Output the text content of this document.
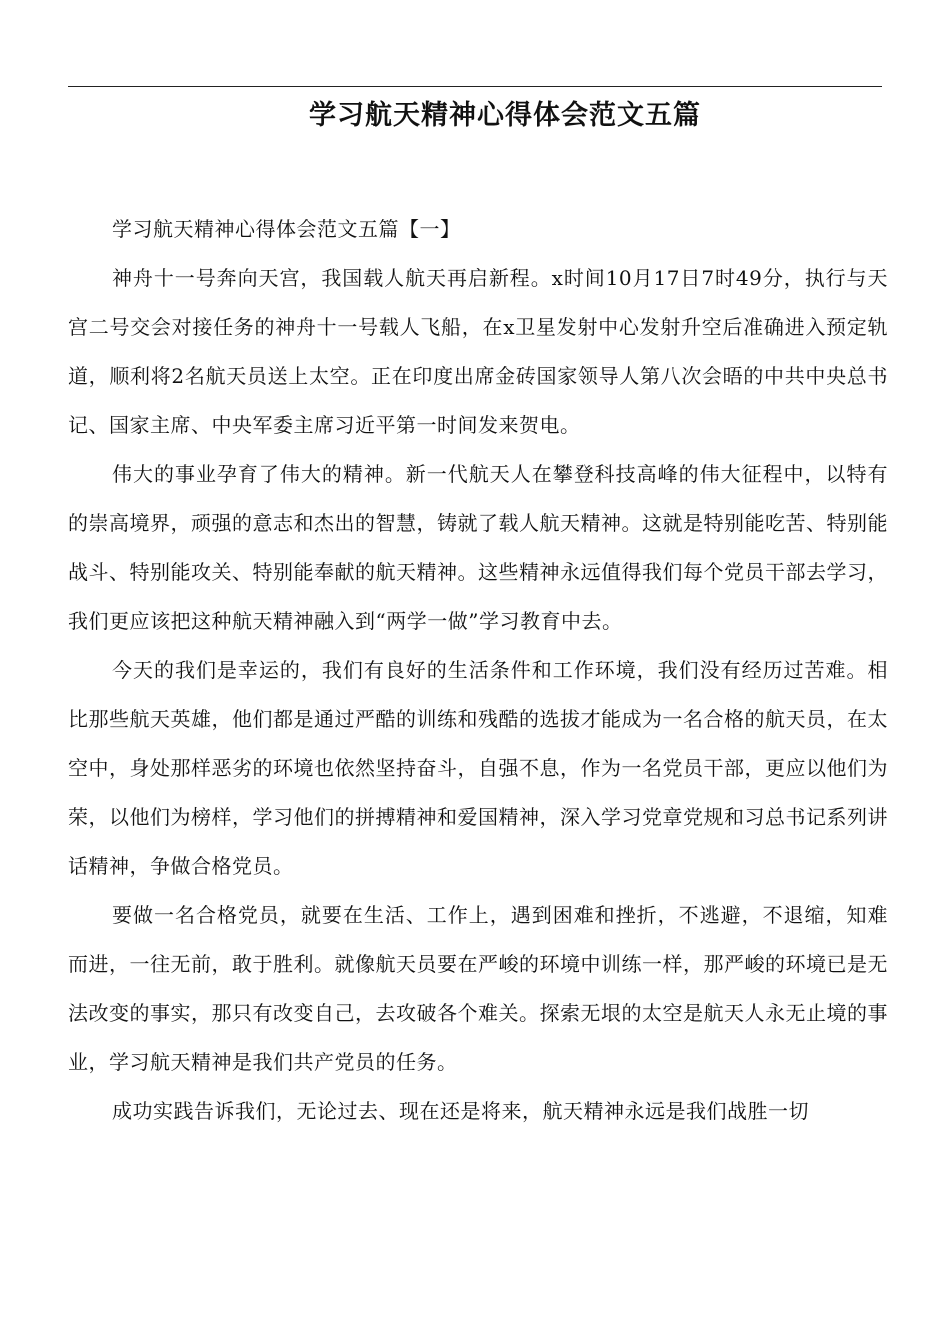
学习航天精神心得体会范文五篇

学习航天精神心得体会范文五篇【一】

神舟十一号奔向天宫，我国载人航天再启新程。x时间10月17日7时49分，执行与天宫二号交会对接任务的神舟十一号载人飞船，在x卫星发射中心发射升空后准确进入预定轨道，顺利将2名航天员送上太空。正在印度出席金砖国家领导人第八次会晤的中共中央总书记、国家主席、中央军委主席习近平第一时间发来贺电。

伟大的事业孕育了伟大的精神。新一代航天人在攀登科技高峰的伟大征程中，以特有的崇高境界，顽强的意志和杰出的智慧，铸就了载人航天精神。这就是特别能吃苦、特别能战斗、特别能攻关、特别能奉献的航天精神。这些精神永远值得我们每个党员干部去学习，我们更应该把这种航天精神融入到“两学一做”学习教育中去。

今天的我们是幸运的，我们有良好的生活条件和工作环境，我们没有经历过苦难。相比那些航天英雄，他们都是通过严酷的训练和残酷的选拔才能成为一名合格的航天员，在太空中，身处那样恶劣的环境也依然坚持奋斗，自强不息，作为一名党员干部，更应以他们为荣，以他们为榜样，学习他们的拼搏精神和爱国精神，深入学习党章党规和习总书记系列讲话精神，争做合格党员。

要做一名合格党员，就要在生活、工作上，遇到困难和挫折，不逃避，不退缩，知难而进，一往无前，敢于胜利。就像航天员要在严峻的环境中训练一样，那严峻的环境已是无法改变的事实，那只有改变自己，去攻破各个难关。探索无垠的太空是航天人永无止境的事业，学习航天精神是我们共产党员的任务。

成功实践告诉我们，无论过去、现在还是将来，航天精神永远是我们战胜一切
